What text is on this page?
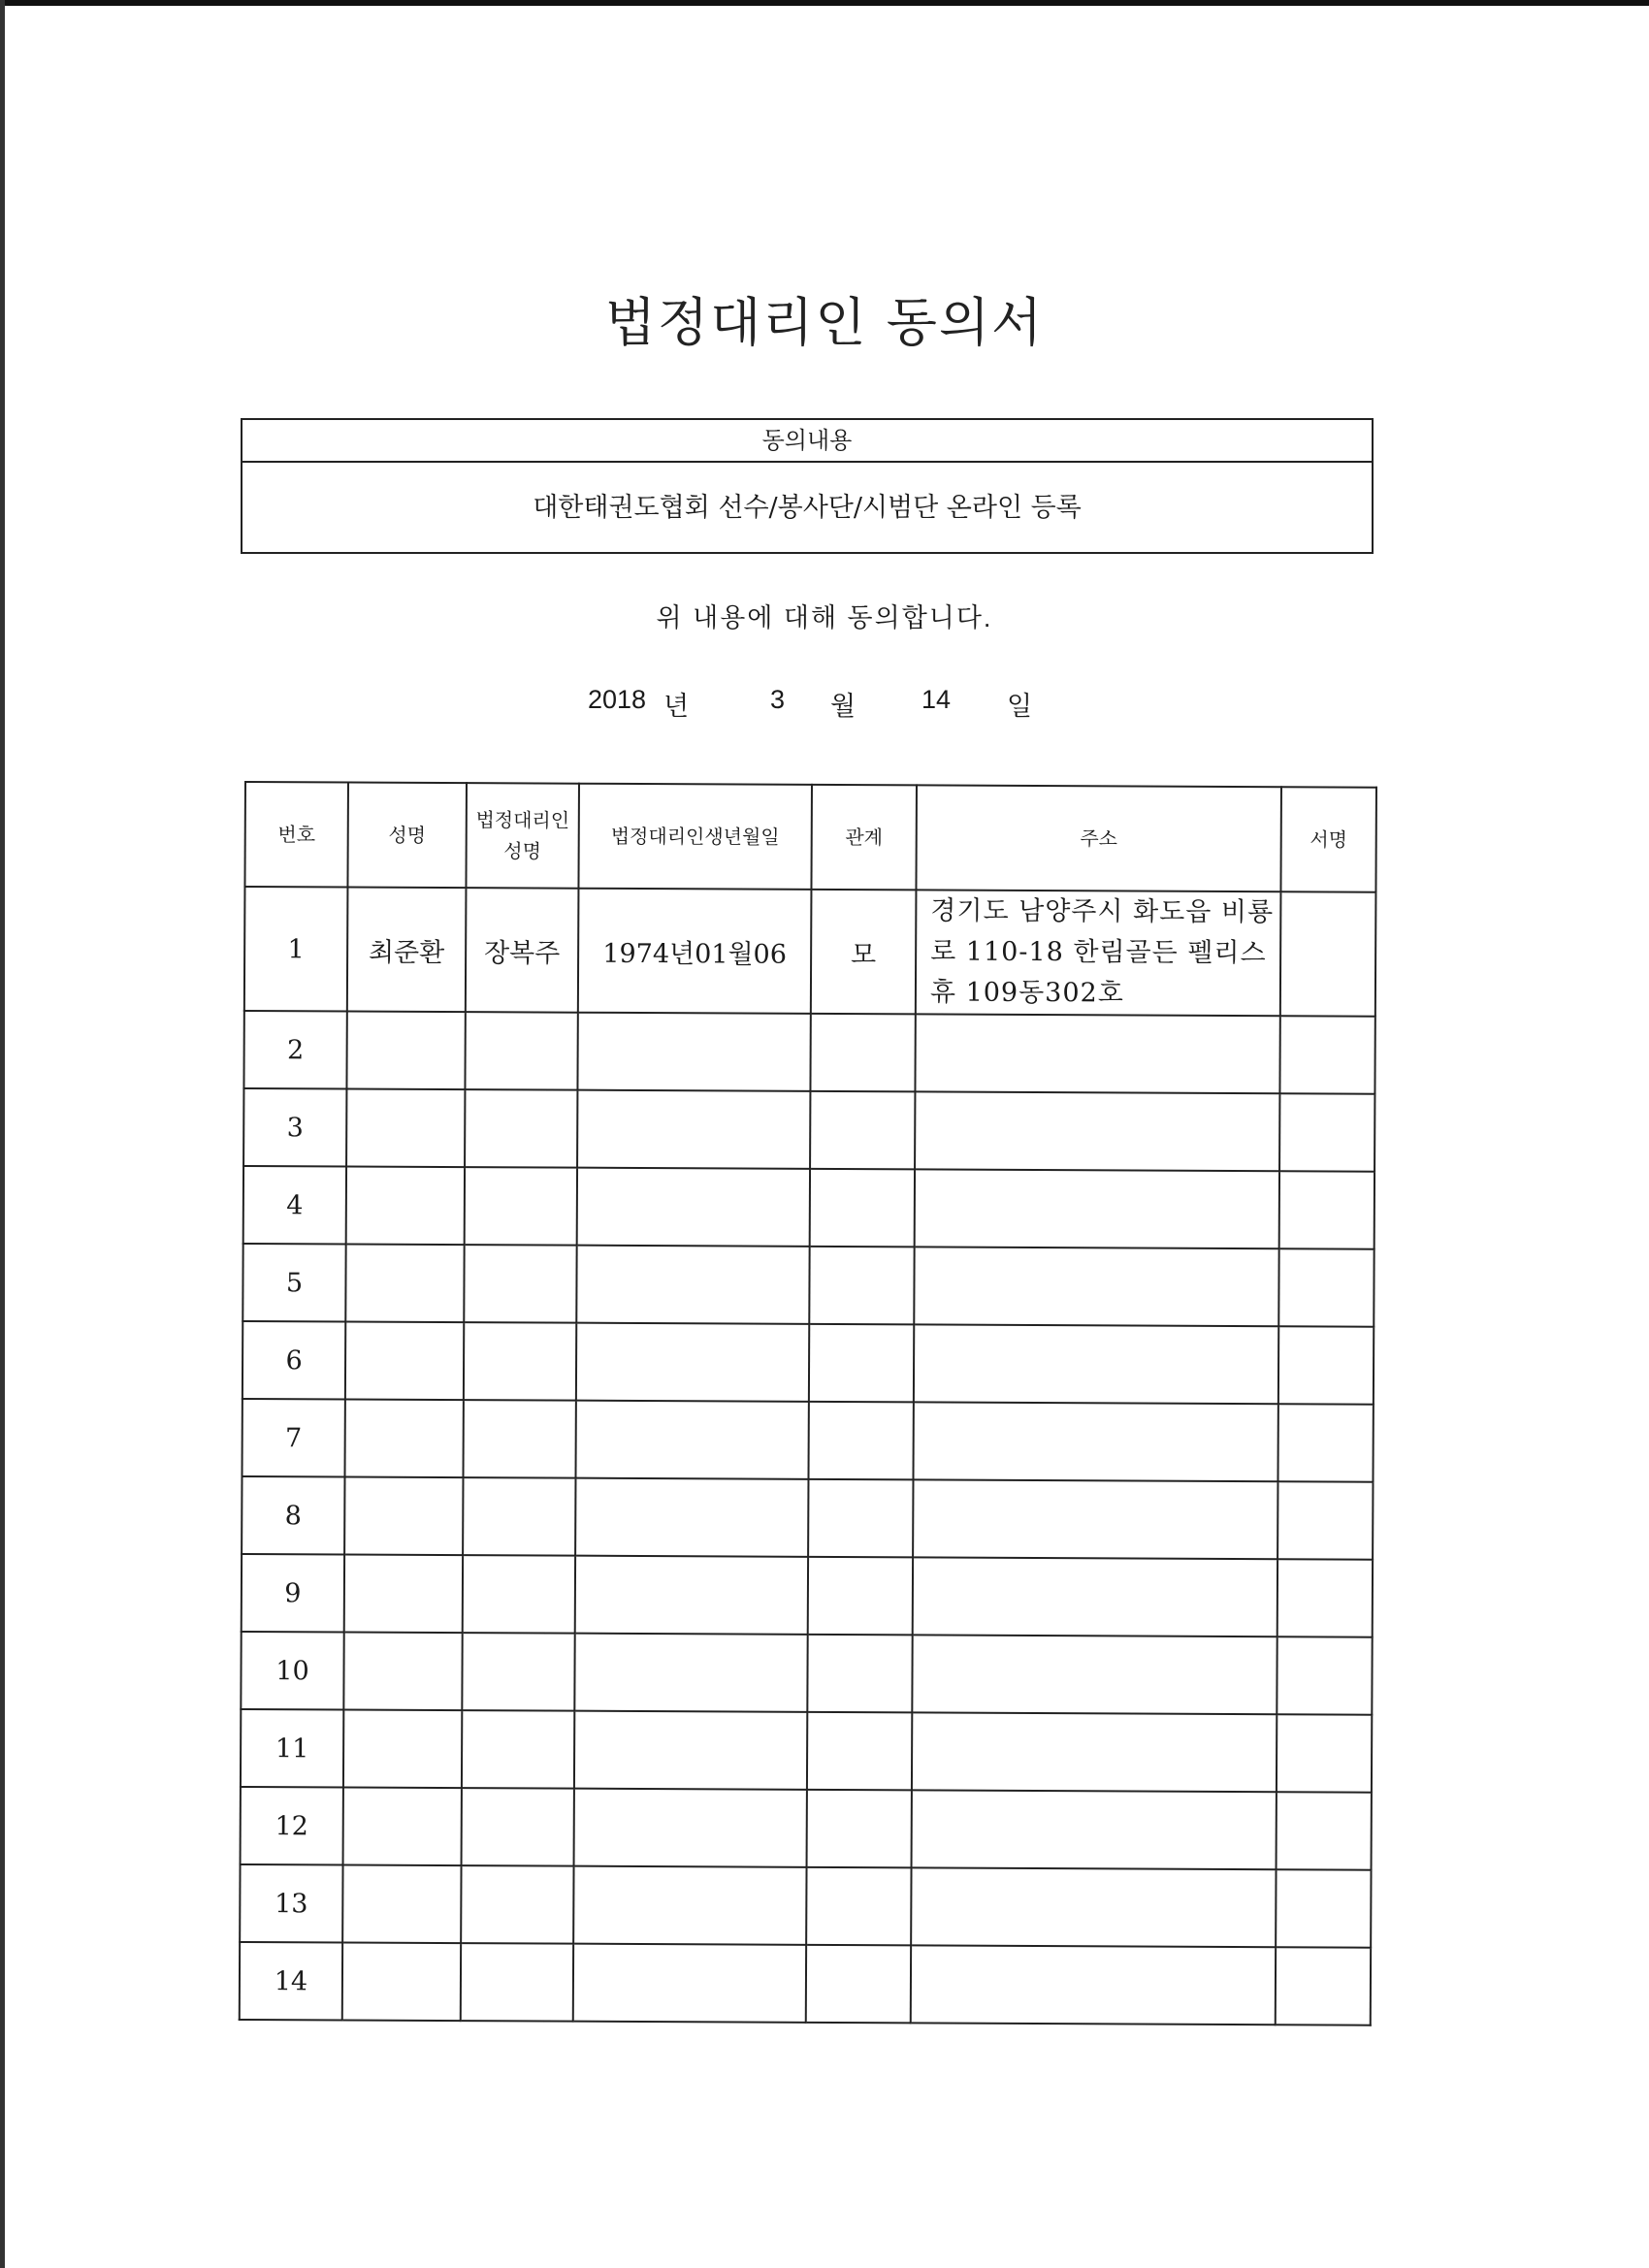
법정대리인 동의서
동의내용
대한태권도협회 선수/봉사단/시범단 온라인 등록
위 내용에 대해 동의합니다.
2018 년	3 월	14 일
번호	성명	법정대리인성명	법정대리인생년월일	관계	주소	서명
1	최준환	장복주	1974년01월06	모	경기도 남양주시 화도읍 비룡로 110-18 한림골든 펠리스휴 109동302호	
2						
3						
4						
5						
6						
7						
8						
9						
10						
11						
12						
13						
14						
